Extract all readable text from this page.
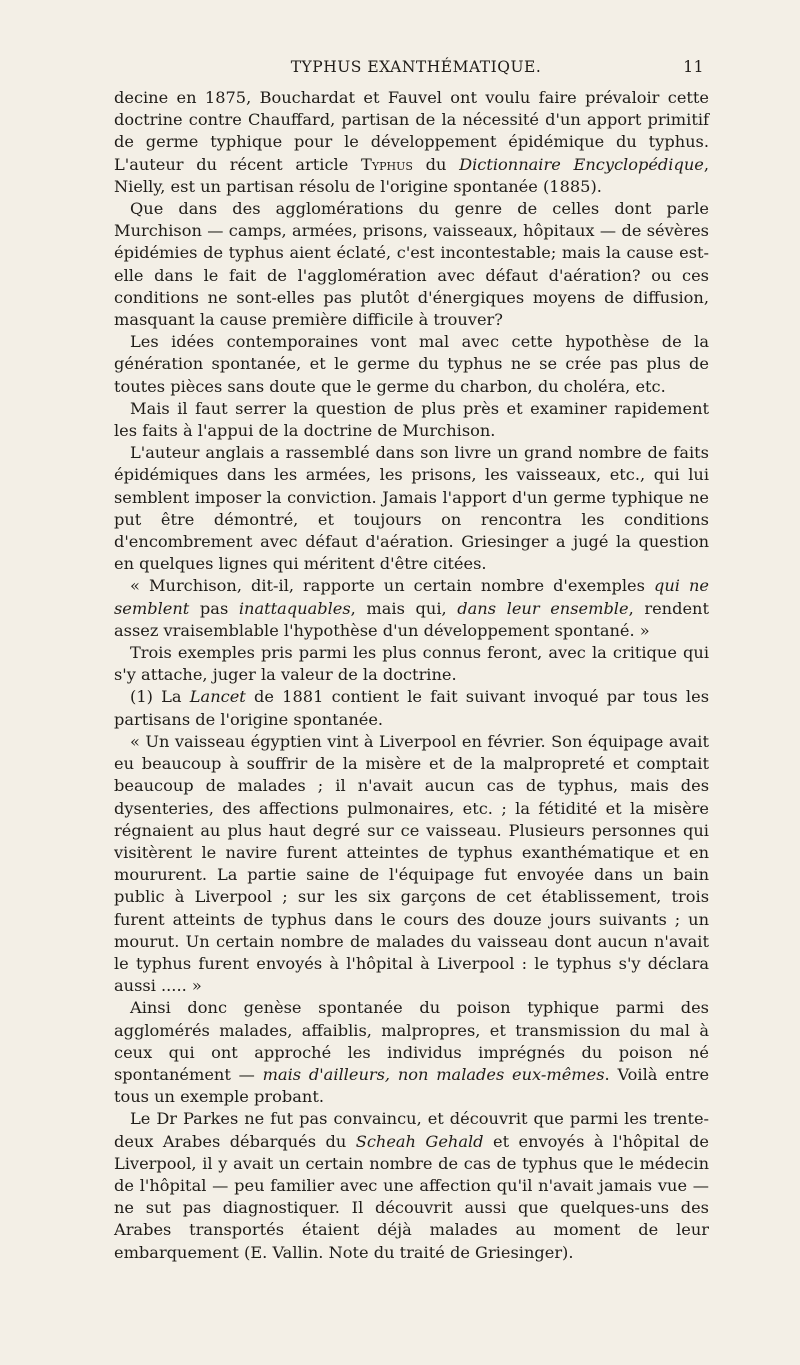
TYPHUS EXANTHÉMATIQUE.	11

decine en 1875, Bouchardat et Fauvel ont voulu faire prévaloir cette doctrine contre Chauffard, partisan de la nécessité d'un apport primitif de germe typhique pour le développement épidémique du typhus. L'auteur du récent article Typhus du Dictionnaire Encyclopédique, Nielly, est un partisan résolu de l'origine spontanée (1885).

Que dans des agglomérations du genre de celles dont parle Murchison — camps, armées, prisons, vaisseaux, hôpitaux — de sévères épidémies de typhus aient éclaté, c'est incontestable; mais la cause est-elle dans le fait de l'agglomération avec défaut d'aération? ou ces conditions ne sont-elles pas plutôt d'énergiques moyens de diffusion, masquant la cause première difficile à trouver?

Les idées contemporaines vont mal avec cette hypothèse de la génération spontanée, et le germe du typhus ne se crée pas plus de toutes pièces sans doute que le germe du charbon, du choléra, etc.

Mais il faut serrer la question de plus près et examiner rapidement les faits à l'appui de la doctrine de Murchison.

L'auteur anglais a rassemblé dans son livre un grand nombre de faits épidémiques dans les armées, les prisons, les vaisseaux, etc., qui lui semblent imposer la conviction. Jamais l'apport d'un germe typhique ne put être démontré, et toujours on rencontra les conditions d'encombrement avec défaut d'aération. Griesinger a jugé la question en quelques lignes qui méritent d'être citées.

« Murchison, dit-il, rapporte un certain nombre d'exemples qui ne semblent pas inattaquables, mais qui, dans leur ensemble, rendent assez vraisemblable l'hypothèse d'un développement spontané. »

Trois exemples pris parmi les plus connus feront, avec la critique qui s'y attache, juger la valeur de la doctrine.

(1) La Lancet de 1881 contient le fait suivant invoqué par tous les partisans de l'origine spontanée.

« Un vaisseau égyptien vint à Liverpool en février. Son équipage avait eu beaucoup à souffrir de la misère et de la malpropreté et comptait beaucoup de malades ; il n'avait aucun cas de typhus, mais des dysenteries, des affections pulmonaires, etc. ; la fétidité et la misère régnaient au plus haut degré sur ce vaisseau. Plusieurs personnes qui visitèrent le navire furent atteintes de typhus exanthématique et en moururent. La partie saine de l'équipage fut envoyée dans un bain public à Liverpool ; sur les six garçons de cet établissement, trois furent atteints de typhus dans le cours des douze jours suivants ; un mourut. Un certain nombre de malades du vaisseau dont aucun n'avait le typhus furent envoyés à l'hôpital à Liverpool : le typhus s'y déclara aussi ..... »

Ainsi donc genèse spontanée du poison typhique parmi des agglomérés malades, affaiblis, malpropres, et transmission du mal à ceux qui ont approché les individus imprégnés du poison né spontanément — mais d'ailleurs, non malades eux-mêmes. Voilà entre tous un exemple probant.

Le Dr Parkes ne fut pas convaincu, et découvrit que parmi les trente-deux Arabes débarqués du Scheah Gehald et envoyés à l'hôpital de Liverpool, il y avait un certain nombre de cas de typhus que le médecin de l'hôpital — peu familier avec une affection qu'il n'avait jamais vue — ne sut pas diagnostiquer. Il découvrit aussi que quelques-uns des Arabes transportés étaient déjà malades au moment de leur embarquement (E. Vallin. Note du traité de Griesinger).
